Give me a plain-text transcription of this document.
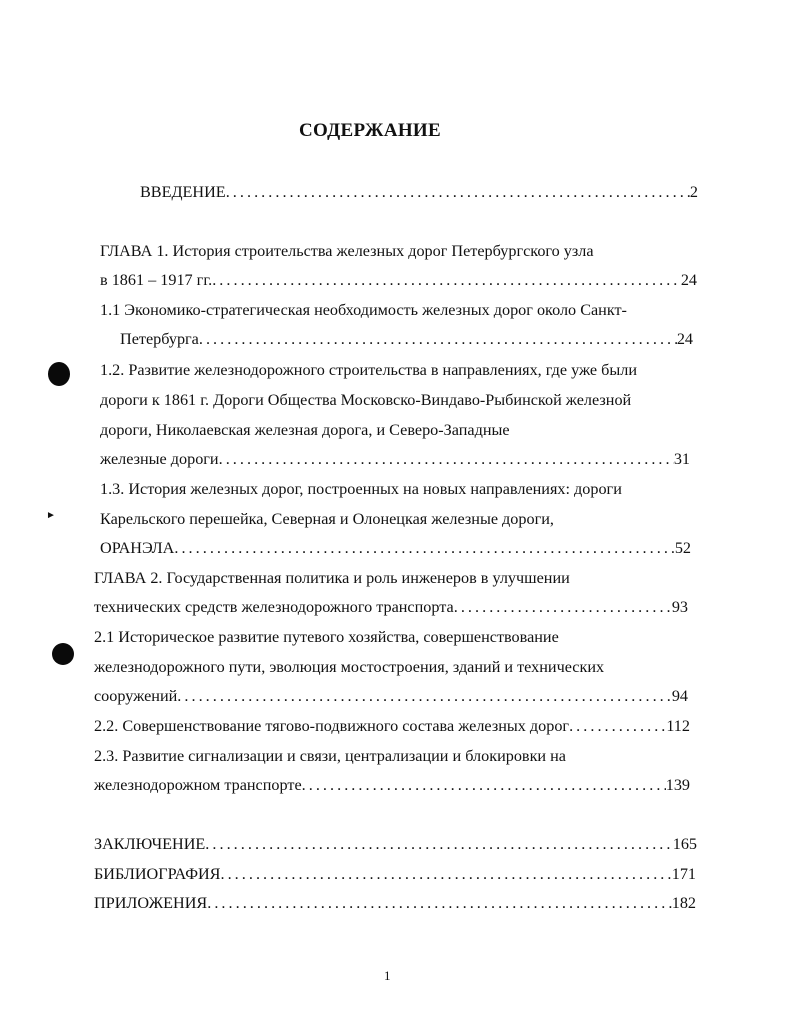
СОДЕРЖАНИЕ
ВВЕДЕНИЕ . . .	2
ГЛАВА 1. История строительства железных дорог Петербургского узла
в 1861 – 1917 гг. . . .	24
1.1 Экономико-стратегическая необходимость железных дорог около Санкт-
Петербурга . . .	24
1.2. Развитие железнодорожного строительства в направлениях, где уже были
дороги к 1861 г. Дороги Общества Московско-Виндаво-Рыбинской железной
дороги, Николаевская железная дорога, и Северо-Западные
железные дороги . . .	31
1.3. История железных дорог, построенных на новых направлениях: дороги
Карельского перешейка, Северная и Олонецкая железные дороги,
ОРАНЭЛА . . .	52
ГЛАВА 2. Государственная политика и роль инженеров в улучшении
технических средств железнодорожного транспорта . . .	93
2.1 Историческое развитие путевого хозяйства, совершенствование
железнодорожного пути, эволюция мостостроения, зданий и технических
сооружений . . .	94
2.2. Совершенствование тягово-подвижного состава железных дорог . . .	112
2.3. Развитие сигнализации и связи, централизации и блокировки на
железнодорожном транспорте . . .	139
ЗАКЛЮЧЕНИЕ . . .	165
БИБЛИОГРАФИЯ . . .	171
ПРИЛОЖЕНИЯ . . .	182
1
►
